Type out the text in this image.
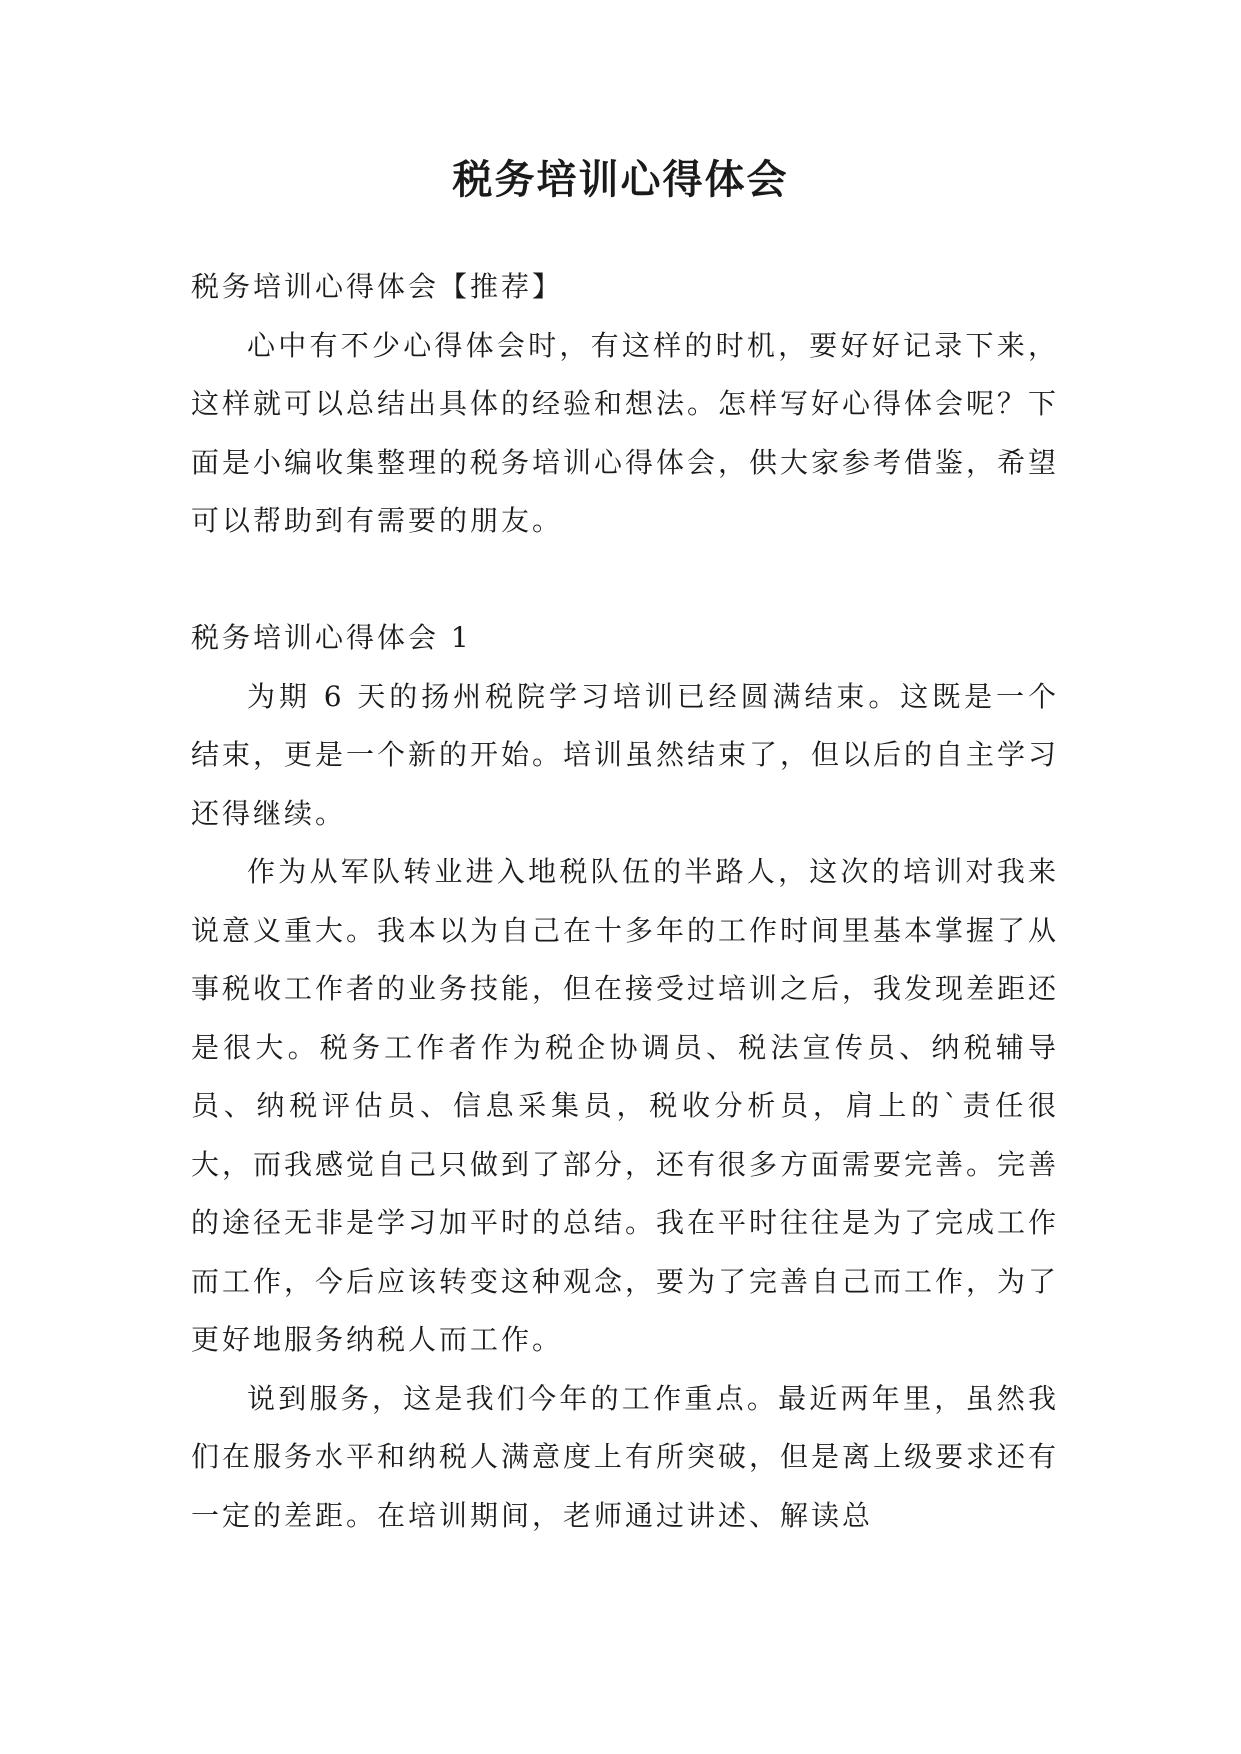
税务培训心得体会

税务培训心得体会【推荐】

心中有不少心得体会时，有这样的时机，要好好记录下来，这样就可以总结出具体的经验和想法。怎样写好心得体会呢？下面是小编收集整理的税务培训心得体会，供大家参考借鉴，希望可以帮助到有需要的朋友。

税务培训心得体会 1

为期 6 天的扬州税院学习培训已经圆满结束。这既是一个结束，更是一个新的开始。培训虽然结束了，但以后的自主学习还得继续。

作为从军队转业进入地税队伍的半路人，这次的培训对我来说意义重大。我本以为自己在十多年的工作时间里基本掌握了从事税收工作者的业务技能，但在接受过培训之后，我发现差距还是很大。税务工作者作为税企协调员、税法宣传员、纳税辅导员、纳税评估员、信息采集员，税收分析员，肩上的`责任很大，而我感觉自己只做到了部分，还有很多方面需要完善。完善的途径无非是学习加平时的总结。我在平时往往是为了完成工作而工作，今后应该转变这种观念，要为了完善自己而工作，为了更好地服务纳税人而工作。

说到服务，这是我们今年的工作重点。最近两年里，虽然我们在服务水平和纳税人满意度上有所突破，但是离上级要求还有一定的差距。在培训期间，老师通过讲述、解读总
